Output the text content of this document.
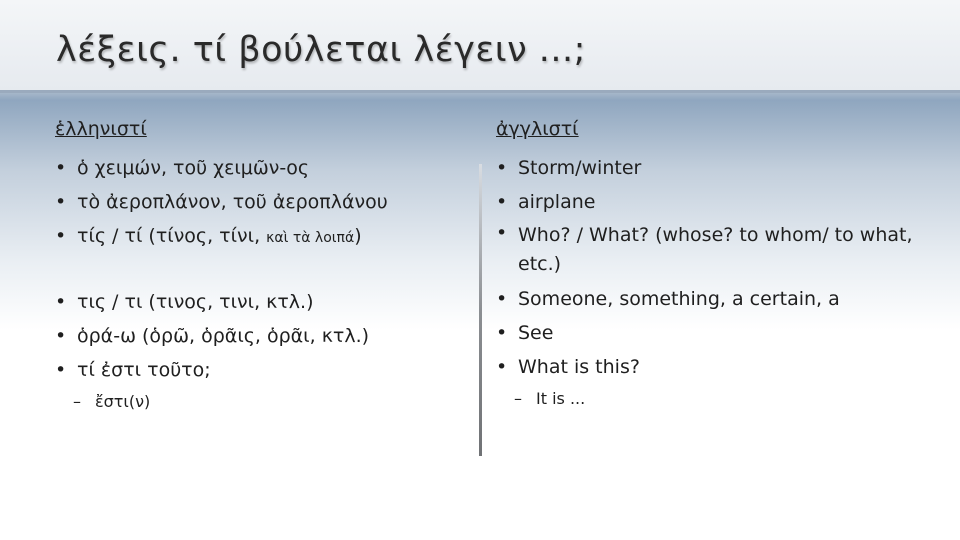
λέξεις. τί βούλεται λέγειν ...;
ἑλληνιστί
• ὁ χειμών, τοῦ χειμῶν-ος
• τὸ ἀεροπλάνον, τοῦ ἀεροπλάνου
• τίς / τί (τίνος, τίνι, καὶ τὰ λοιπά)
• τις / τι (τινος, τινι, κτλ.)
• ὁρά-ω (ὁρῶ, ὁρᾶις, ὁρᾶι, κτλ.)
• τί ἐστι τοῦτο;
– ἔστι(ν)
ἀγγλιστί
• Storm/winter
• airplane
• Who? / What? (whose? to whom/ to what, etc.)
• Someone, something, a certain, a
• See
• What is this?
– It is ...
